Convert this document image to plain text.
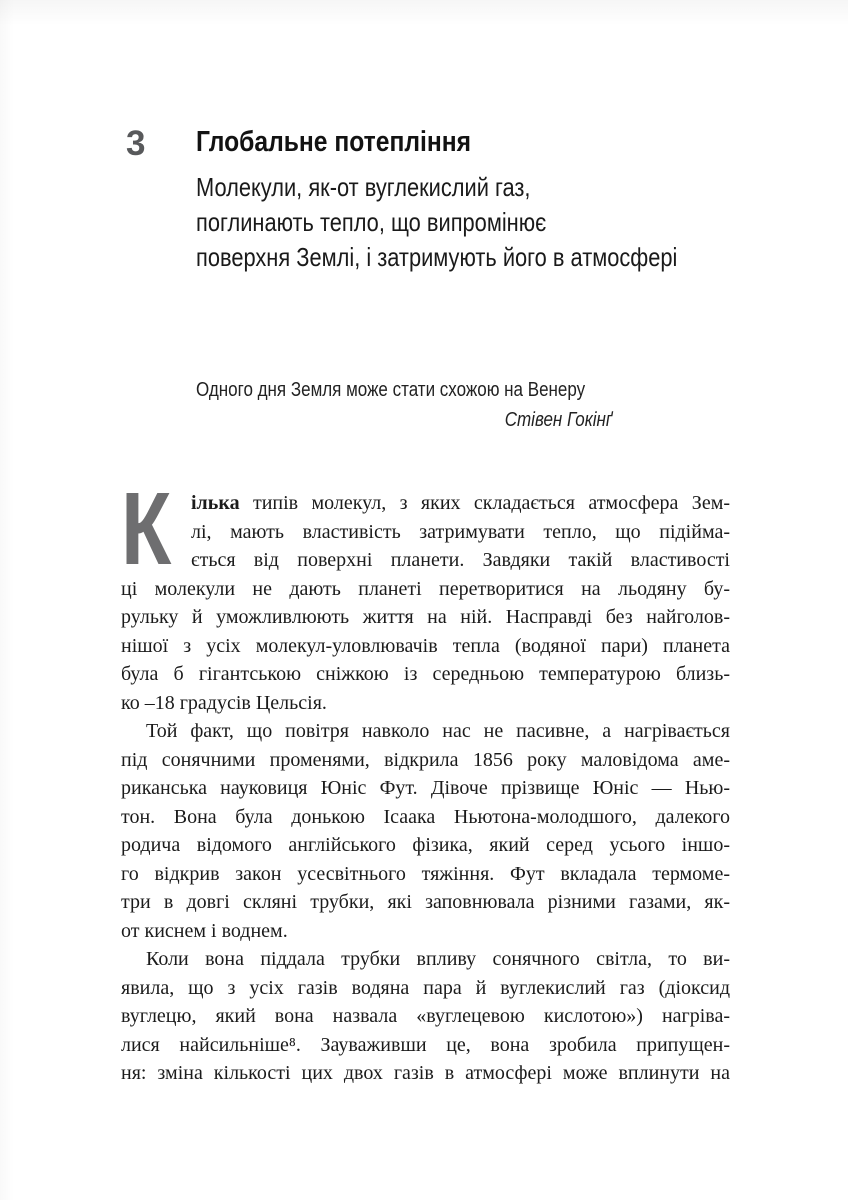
3 Глобальне потепління
Молекули, як-от вуглекислий газ,
поглинають тепло, що випромінює
поверхня Землі, і затримують його в атмосфері
Одного дня Земля може стати схожою на Венеру
Стівен Гокінґ
К ілька типів молекул, з яких складається атмосфера Зем-
лі, мають властивість затримувати тепло, що підійма-
ється від поверхні планети. Завдяки такій властивості
ці молекули не дають планеті перетворитися на льодяну бу-
рульку й уможливлюють життя на ній. Насправді без найголов-
нішої з усіх молекул-уловлювачів тепла (водяної пари) планета
була б гігантською сніжкою із середньою температурою близь-
ко –18 градусів Цельсія.
Той факт, що повітря навколо нас не пасивне, а нагрівається
під сонячними променями, відкрила 1856 року маловідома аме-
риканська науковиця Юніс Фут. Дівоче прізвище Юніс — Нью-
тон. Вона була донькою Ісаака Ньютона-молодшого, далекого
родича відомого англійського фізика, який серед усього іншо-
го відкрив закон усесвітнього тяжіння. Фут вкладала термоме-
три в довгі скляні трубки, які заповнювала різними газами, як-
от киснем і воднем.
Коли вона піддала трубки впливу сонячного світла, то ви-
явила, що з усіх газів водяна пара й вуглекислий газ (діоксид
вуглецю, який вона назвала «вуглецевою кислотою») нагріва-
лися найсильніше⁸. Зауваживши це, вона зробила припущен-
ня: зміна кількості цих двох газів в атмосфері може вплинути на
